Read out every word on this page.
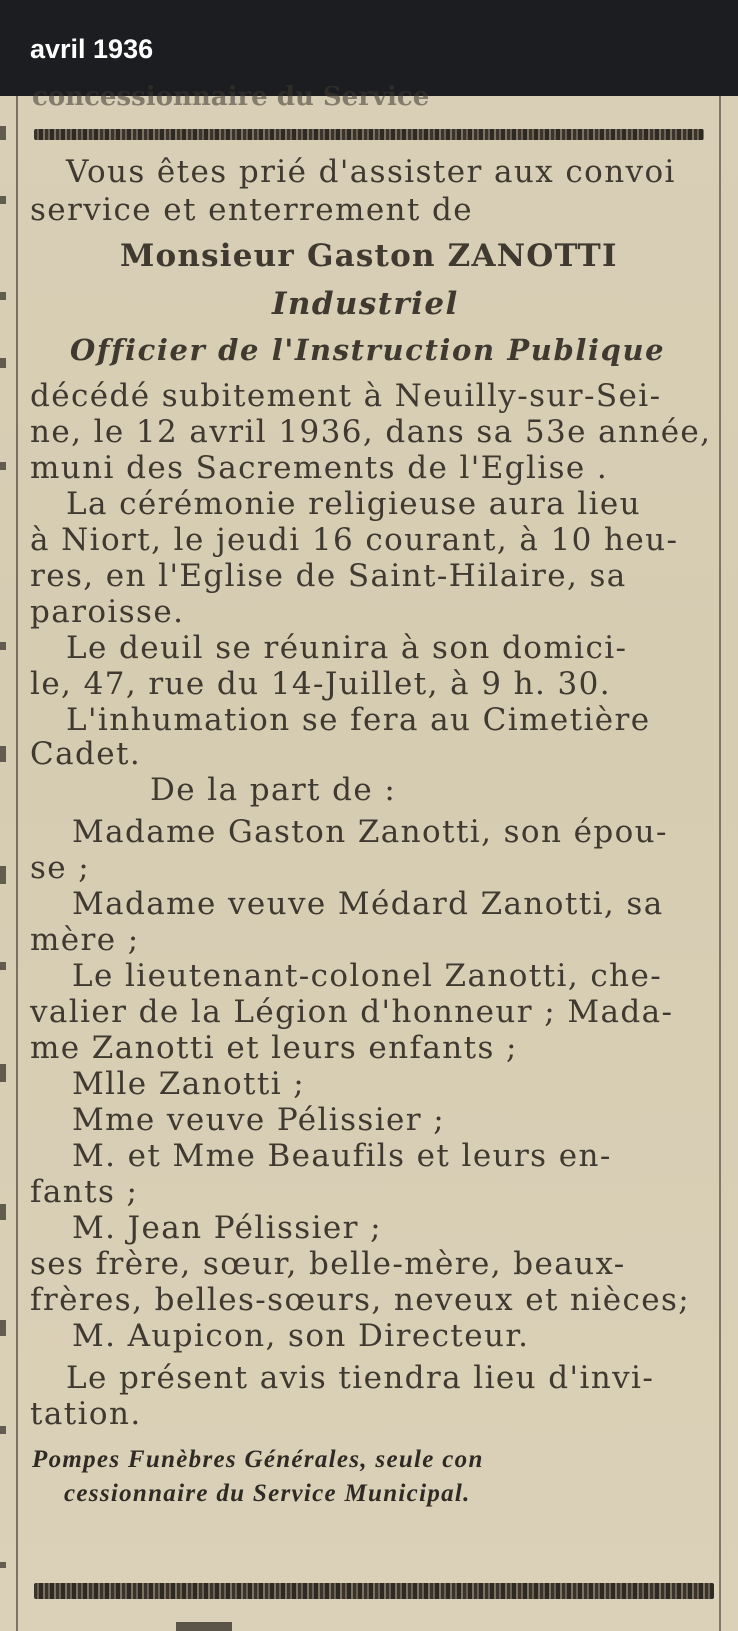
avril 1936
concessionnaire du Service
Vous êtes prié d'assister aux convoi
service et enterrement de
Monsieur Gaston ZANOTTI
Industriel
Officier de l'Instruction Publique
décédé subitement à Neuilly-sur-Sei-
ne, le 12 avril 1936, dans sa 53e année,
muni des Sacrements de l'Eglise .
La cérémonie religieuse aura lieu
à Niort, le jeudi 16 courant, à 10 heu-
res, en l'Eglise de Saint-Hilaire, sa
paroisse.
Le deuil se réunira à son domici-
le, 47, rue du 14-Juillet, à 9 h. 30.
L'inhumation se fera au Cimetière
Cadet.
De la part de :
Madame Gaston Zanotti, son épou-
se ;
Madame veuve Médard Zanotti, sa
mère ;
Le lieutenant-colonel Zanotti, che-
valier de la Légion d'honneur ; Mada-
me Zanotti et leurs enfants ;
Mlle Zanotti ;
Mme veuve Pélissier ;
M. et Mme Beaufils et leurs en-
fants ;
M. Jean Pélissier ;
ses frère, sœur, belle-mère, beaux-
frères, belles-sœurs, neveux et nièces;
M. Aupicon, son Directeur.
Le présent avis tiendra lieu d'invi-
tation.
Pompes Funèbres Générales, seule con
cessionnaire du Service Municipal.
